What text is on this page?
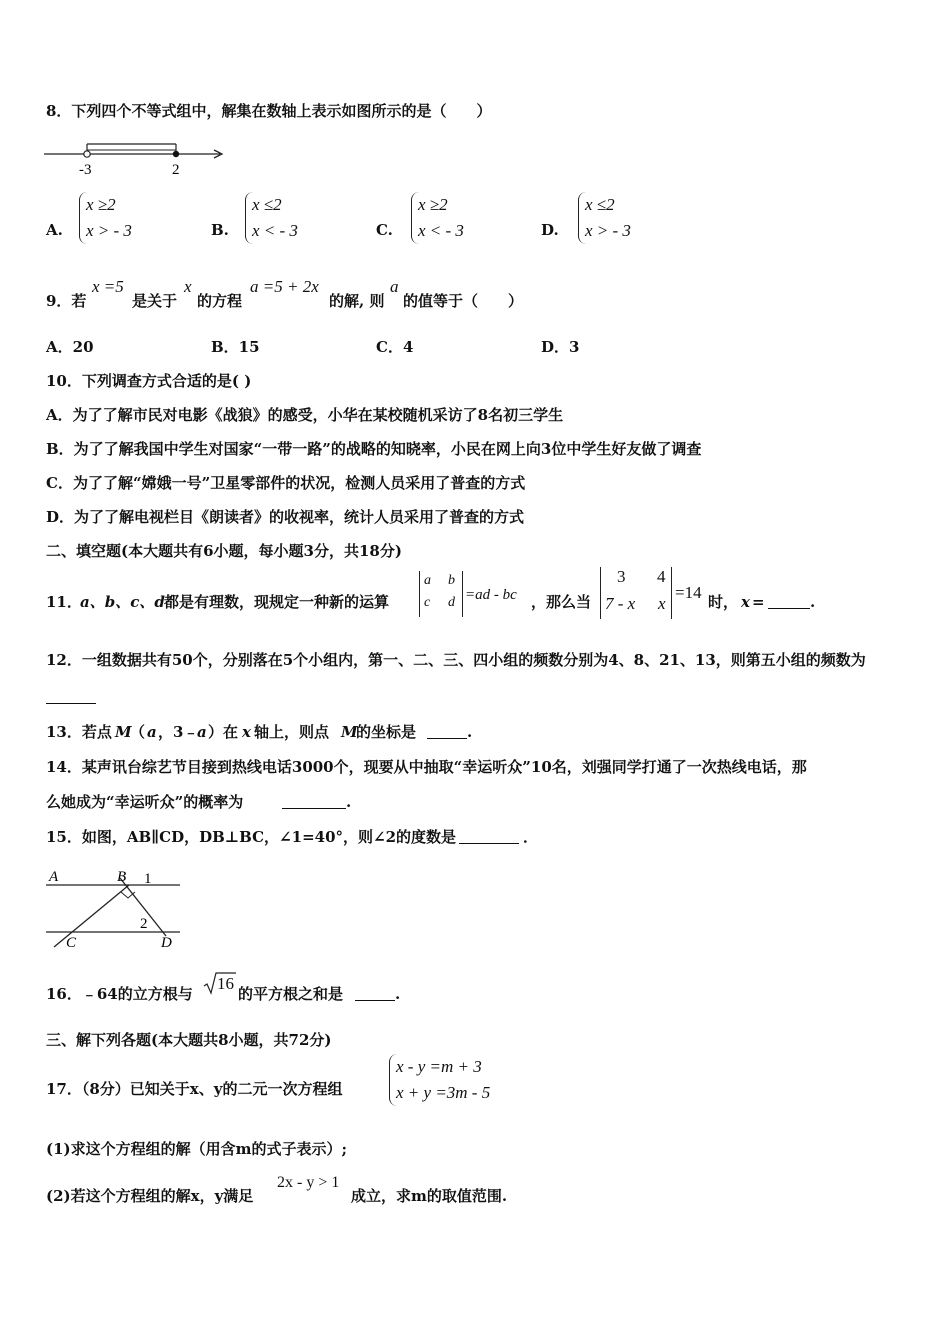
8．下列四个不等式组中，解集在数轴上表示如图所示的是（　　）
-3	2
A.
x ≥2
x > - 3	B.
x ≤2
x < - 3	C.
x ≥2
x < - 3	D.
x ≤2
x > - 3
9．若
x =5
是关于
x
的方程
a =5 + 2x
的解, 则
a
的值等于（　　）
A．20	B．15	C．4	D．3
10．下列调查方式合适的是( )
A．为了了解市民对电影《战狼》的感受，小华在某校随机采访了8名初三学生
B．为了了解我国中学生对国家“一带一路”的战略的知晓率，小民在网上向3位中学生好友做了调查
C．为了了解“嫦娥一号”卫星零部件的状况，检测人员采用了普查的方式
D．为了了解电视栏目《朗读者》的收视率，统计人员采用了普查的方式
二、填空题(本大题共有6小题，每小题3分，共18分)
11．
a、b、c、d 都是有理数，现规定一种新的运算
a b
c d =ad - bc ，那么当
3 4
7 - x x
=14 时， x =	.
12．一组数据共有50个，分别落在5个小组内，第一、二、三、四小组的频数分别为4、8、21、13，则第五小组的频数为
13．若点 M
（ a ，3﹣
a ）在 x 轴上，则点 M
的坐标是	.
14．某声讯台综艺节目接到热线电话3000个，现要从中抽取“幸运听众”10名，刘强同学打通了一次热线电话，那
么她成为“幸运听众”的概率为	.
15．如图，AB∥CD，DB⊥BC，∠1=40°，则∠2的度数是	．
A	B 1
2
C	D
16．﹣64的立方根与
16
的平方根之和是	.
三、解下列各题(本大题共8小题，共72分)
17．（8分）已知关于x、y的二元一次方程组
x - y =m + 3
x + y =3m - 5
(1)求这个方程组的解（用含m的式子表示）;
(2)若这个方程组的解x，y满足
2x - y > 1
成立，求m的取值范围.
